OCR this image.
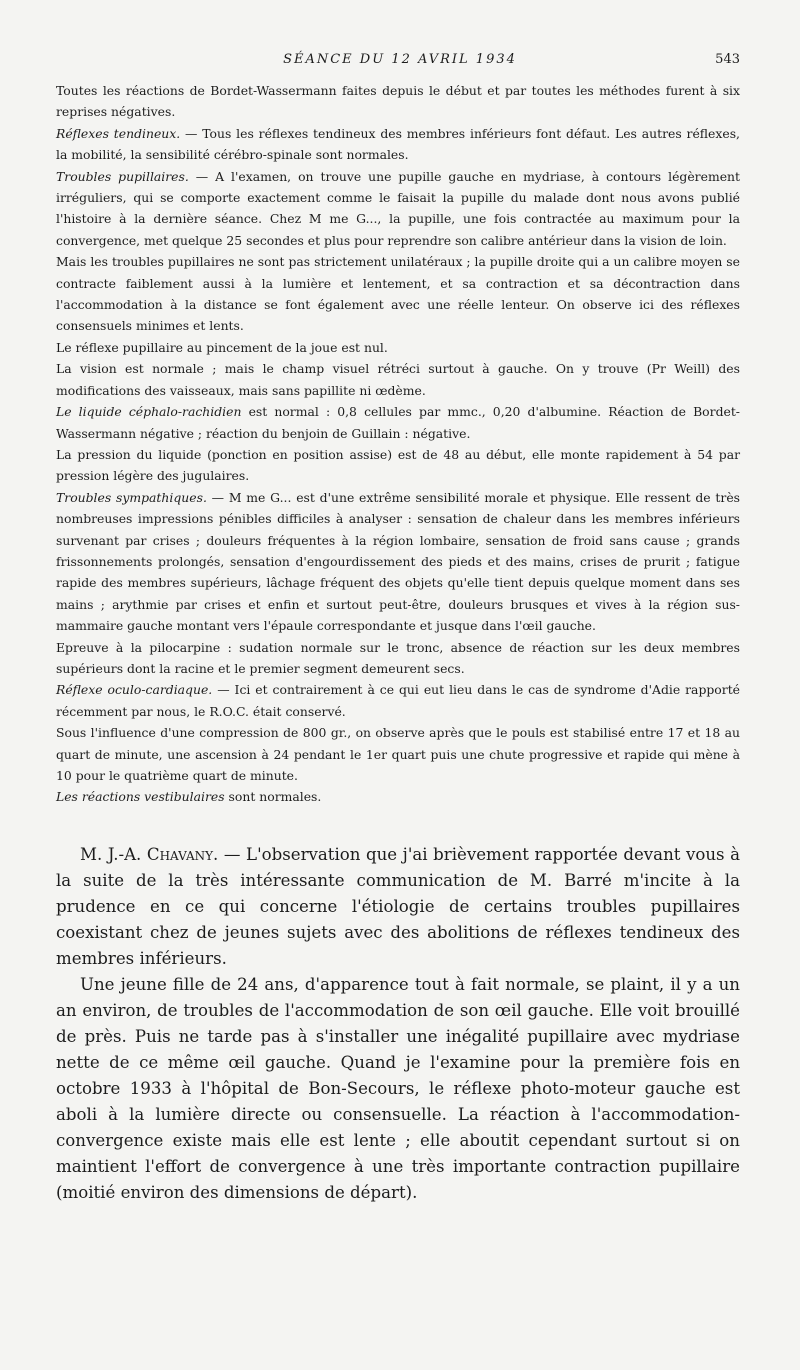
SÉANCE DU 12 AVRIL 1934	543

Toutes les réactions de Bordet-Wassermann faites depuis le début et par toutes les méthodes furent à six reprises négatives.

Réflexes tendineux. — Tous les réflexes tendineux des membres inférieurs font défaut. Les autres réflexes, la mobilité, la sensibilité cérébro-spinale sont normales.

Troubles pupillaires. — A l'examen, on trouve une pupille gauche en mydriase, à contours légèrement irréguliers, qui se comporte exactement comme le faisait la pupille du malade dont nous avons publié l'histoire à la dernière séance. Chez M me G..., la pupille, une fois contractée au maximum pour la convergence, met quelque 25 secondes et plus pour reprendre son calibre antérieur dans la vision de loin.

Mais les troubles pupillaires ne sont pas strictement unilatéraux ; la pupille droite qui a un calibre moyen se contracte faiblement aussi à la lumière et lentement, et sa contraction et sa décontraction dans l'accommodation à la distance se font également avec une réelle lenteur. On observe ici des réflexes consensuels minimes et lents.

Le réflexe pupillaire au pincement de la joue est nul.

La vision est normale ; mais le champ visuel rétréci surtout à gauche. On y trouve (Pr Weill) des modifications des vaisseaux, mais sans papillite ni œdème.

Le liquide céphalo-rachidien est normal : 0,8 cellules par mmc., 0,20 d'albumine. Réaction de Bordet-Wassermann négative ; réaction du benjoin de Guillain : négative.

La pression du liquide (ponction en position assise) est de 48 au début, elle monte rapidement à 54 par pression légère des jugulaires.

Troubles sympathiques. — M me G... est d'une extrême sensibilité morale et physique. Elle ressent de très nombreuses impressions pénibles difficiles à analyser : sensation de chaleur dans les membres inférieurs survenant par crises ; douleurs fréquentes à la région lombaire, sensation de froid sans cause ; grands frissonnements prolongés, sensation d'engourdissement des pieds et des mains, crises de prurit ; fatigue rapide des membres supérieurs, lâchage fréquent des objets qu'elle tient depuis quelque moment dans ses mains ; arythmie par crises et enfin et surtout peut-être, douleurs brusques et vives à la région sus-mammaire gauche montant vers l'épaule correspondante et jusque dans l'œil gauche.

Epreuve à la pilocarpine : sudation normale sur le tronc, absence de réaction sur les deux membres supérieurs dont la racine et le premier segment demeurent secs.

Réflexe oculo-cardiaque. — Ici et contrairement à ce qui eut lieu dans le cas de syndrome d'Adie rapporté récemment par nous, le R.O.C. était conservé.

Sous l'influence d'une compression de 800 gr., on observe après que le pouls est stabilisé entre 17 et 18 au quart de minute, une ascension à 24 pendant le 1er quart puis une chute progressive et rapide qui mène à 10 pour le quatrième quart de minute.

Les réactions vestibulaires sont normales.

M. J.-A. Chavany. — L'observation que j'ai brièvement rapportée devant vous à la suite de la très intéressante communication de M. Barré m'incite à la prudence en ce qui concerne l'étiologie de certains troubles pupillaires coexistant chez de jeunes sujets avec des abolitions de réflexes tendineux des membres inférieurs.

Une jeune fille de 24 ans, d'apparence tout à fait normale, se plaint, il y a un an environ, de troubles de l'accommodation de son œil gauche. Elle voit brouillé de près. Puis ne tarde pas à s'installer une inégalité pupillaire avec mydriase nette de ce même œil gauche. Quand je l'examine pour la première fois en octobre 1933 à l'hôpital de Bon-Secours, le réflexe photo-moteur gauche est aboli à la lumière directe ou consensuelle. La réaction à l'accommodation-convergence existe mais elle est lente ; elle aboutit cependant surtout si on maintient l'effort de convergence à une très importante contraction pupillaire (moitié environ des dimensions de départ).
